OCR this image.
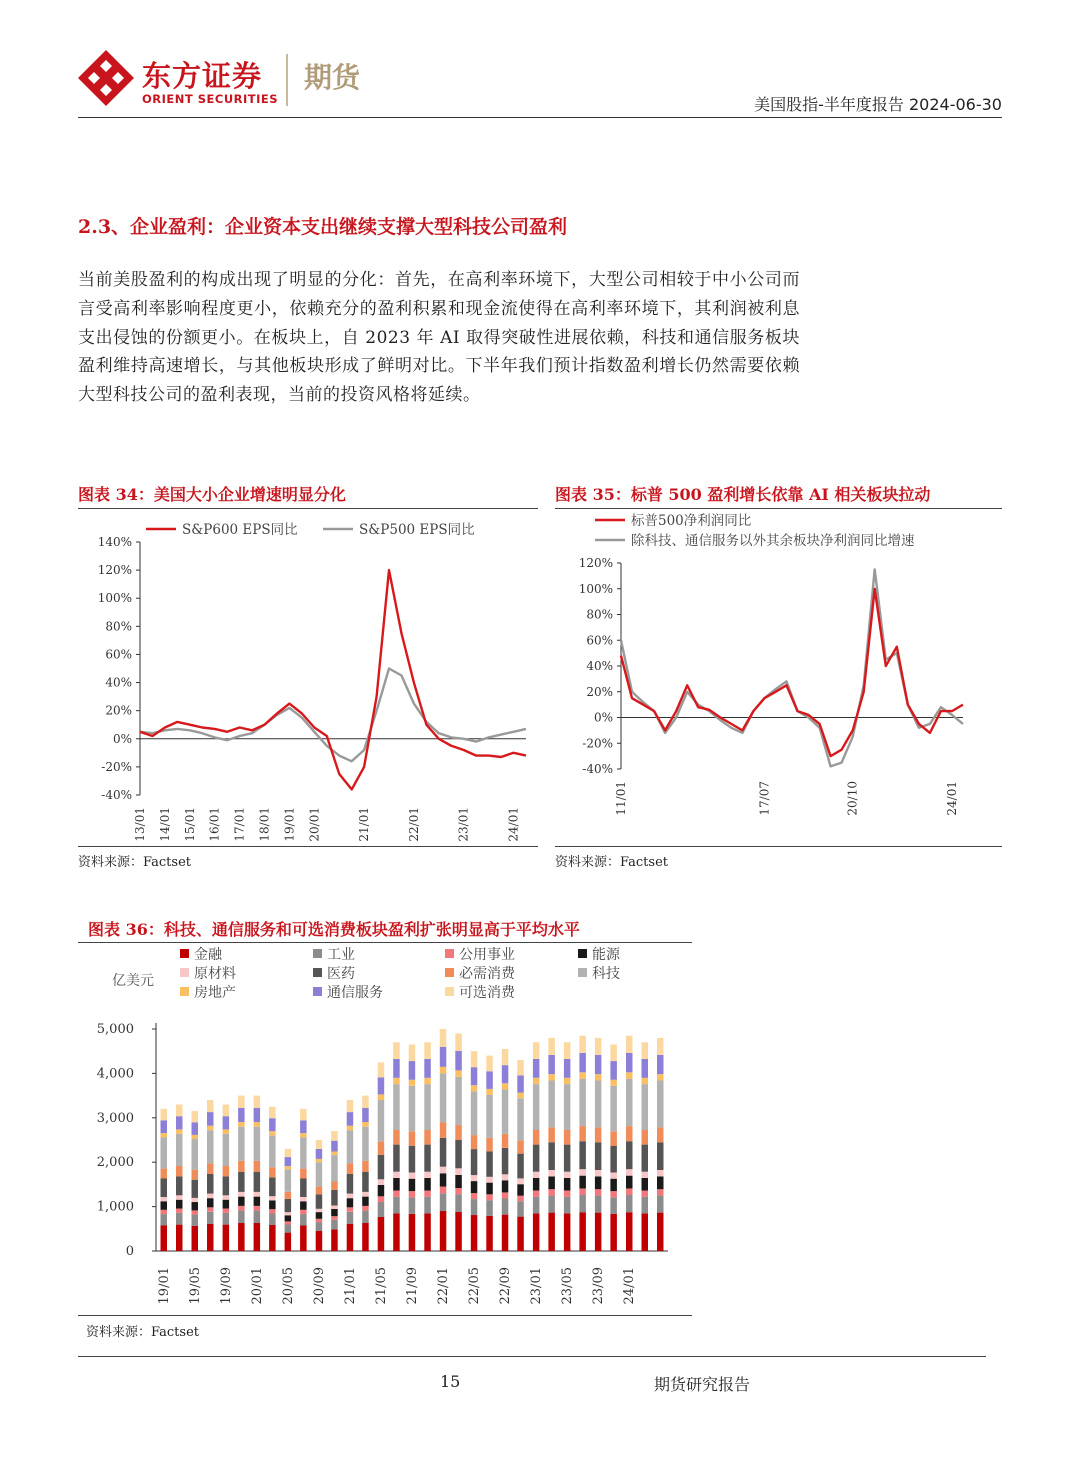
东方证券
ORIENT SECURITIES
期货
美国股指-半年度报告 2024-06-30
2.3、企业盈利：企业资本支出继续支撑大型科技公司盈利
当前美股盈利的构成出现了明显的分化：首先，在高利率环境下，大型公司相较于中小公司而言受高利率影响程度更小，依赖充分的盈利积累和现金流使得在高利率环境下，其利润被利息支出侵蚀的份额更小。在板块上，自 2023 年 AI 取得突破性进展依赖，科技和通信服务板块盈利维持高速增长，与其他板块形成了鲜明对比。下半年我们预计指数盈利增长仍然需要依赖大型科技公司的盈利表现，当前的投资风格将延续。
图表 34：美国大小企业增速明显分化
140%
120%
100%
80%
60%
40%
20%
0%
-20%
-40%
13/01 14/01 15/01 16/01 17/01 18/01 19/01 20/01	21/01	22/01	23/01	24/01
S&P600 EPS同比	S&P500 EPS同比
资料来源：Factset
图表 35：标普 500 盈利增长依靠 AI 相关板块拉动
120%
100%
80%
60%
40%
20%
0%
-20%
-40%
11/01	17/07	20/10	24/01
标普500净利润同比
除科技、通信服务以外其余板块净利润同比增速
资料来源：Factset
图表 36：科技、通信服务和可选消费板块盈利扩张明显高于平均水平
亿美元
金融	工业	公用事业	能源
原材料	医药	必需消费	科技
房地产	通信服务	可选消费
5,000
4,000
3,000
2,000
1,000
0
19/01 19/05 19/09 20/01 20/05 20/09 21/01 21/05 21/09 22/01 22/05 22/09 23/01 23/05 23/09 24/01
资料来源：Factset
15	期货研究报告
